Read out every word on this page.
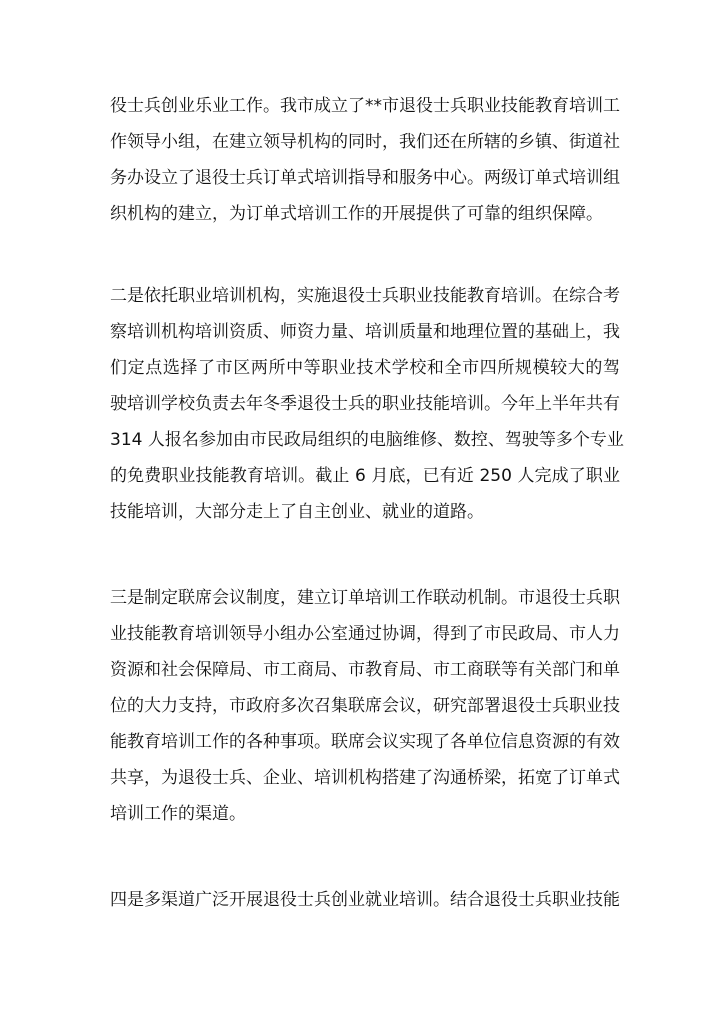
役士兵创业乐业工作。我市成立了**市退役士兵职业技能教育培训工
作领导小组，在建立领导机构的同时，我们还在所辖的乡镇、街道社
务办设立了退役士兵订单式培训指导和服务中心。两级订单式培训组
织机构的建立，为订单式培训工作的开展提供了可靠的组织保障。

二是依托职业培训机构，实施退役士兵职业技能教育培训。在综合考
察培训机构培训资质、师资力量、培训质量和地理位置的基础上，我
们定点选择了市区两所中等职业技术学校和全市四所规模较大的驾
驶培训学校负责去年冬季退役士兵的职业技能培训。今年上半年共有
314 人报名参加由市民政局组织的电脑维修、数控、驾驶等多个专业
的免费职业技能教育培训。截止 6 月底，已有近 250 人完成了职业
技能培训，大部分走上了自主创业、就业的道路。

三是制定联席会议制度，建立订单培训工作联动机制。市退役士兵职
业技能教育培训领导小组办公室通过协调，得到了市民政局、市人力
资源和社会保障局、市工商局、市教育局、市工商联等有关部门和单
位的大力支持，市政府多次召集联席会议，研究部署退役士兵职业技
能教育培训工作的各种事项。联席会议实现了各单位信息资源的有效
共享，为退役士兵、企业、培训机构搭建了沟通桥梁，拓宽了订单式
培训工作的渠道。

四是多渠道广泛开展退役士兵创业就业培训。结合退役士兵职业技能
